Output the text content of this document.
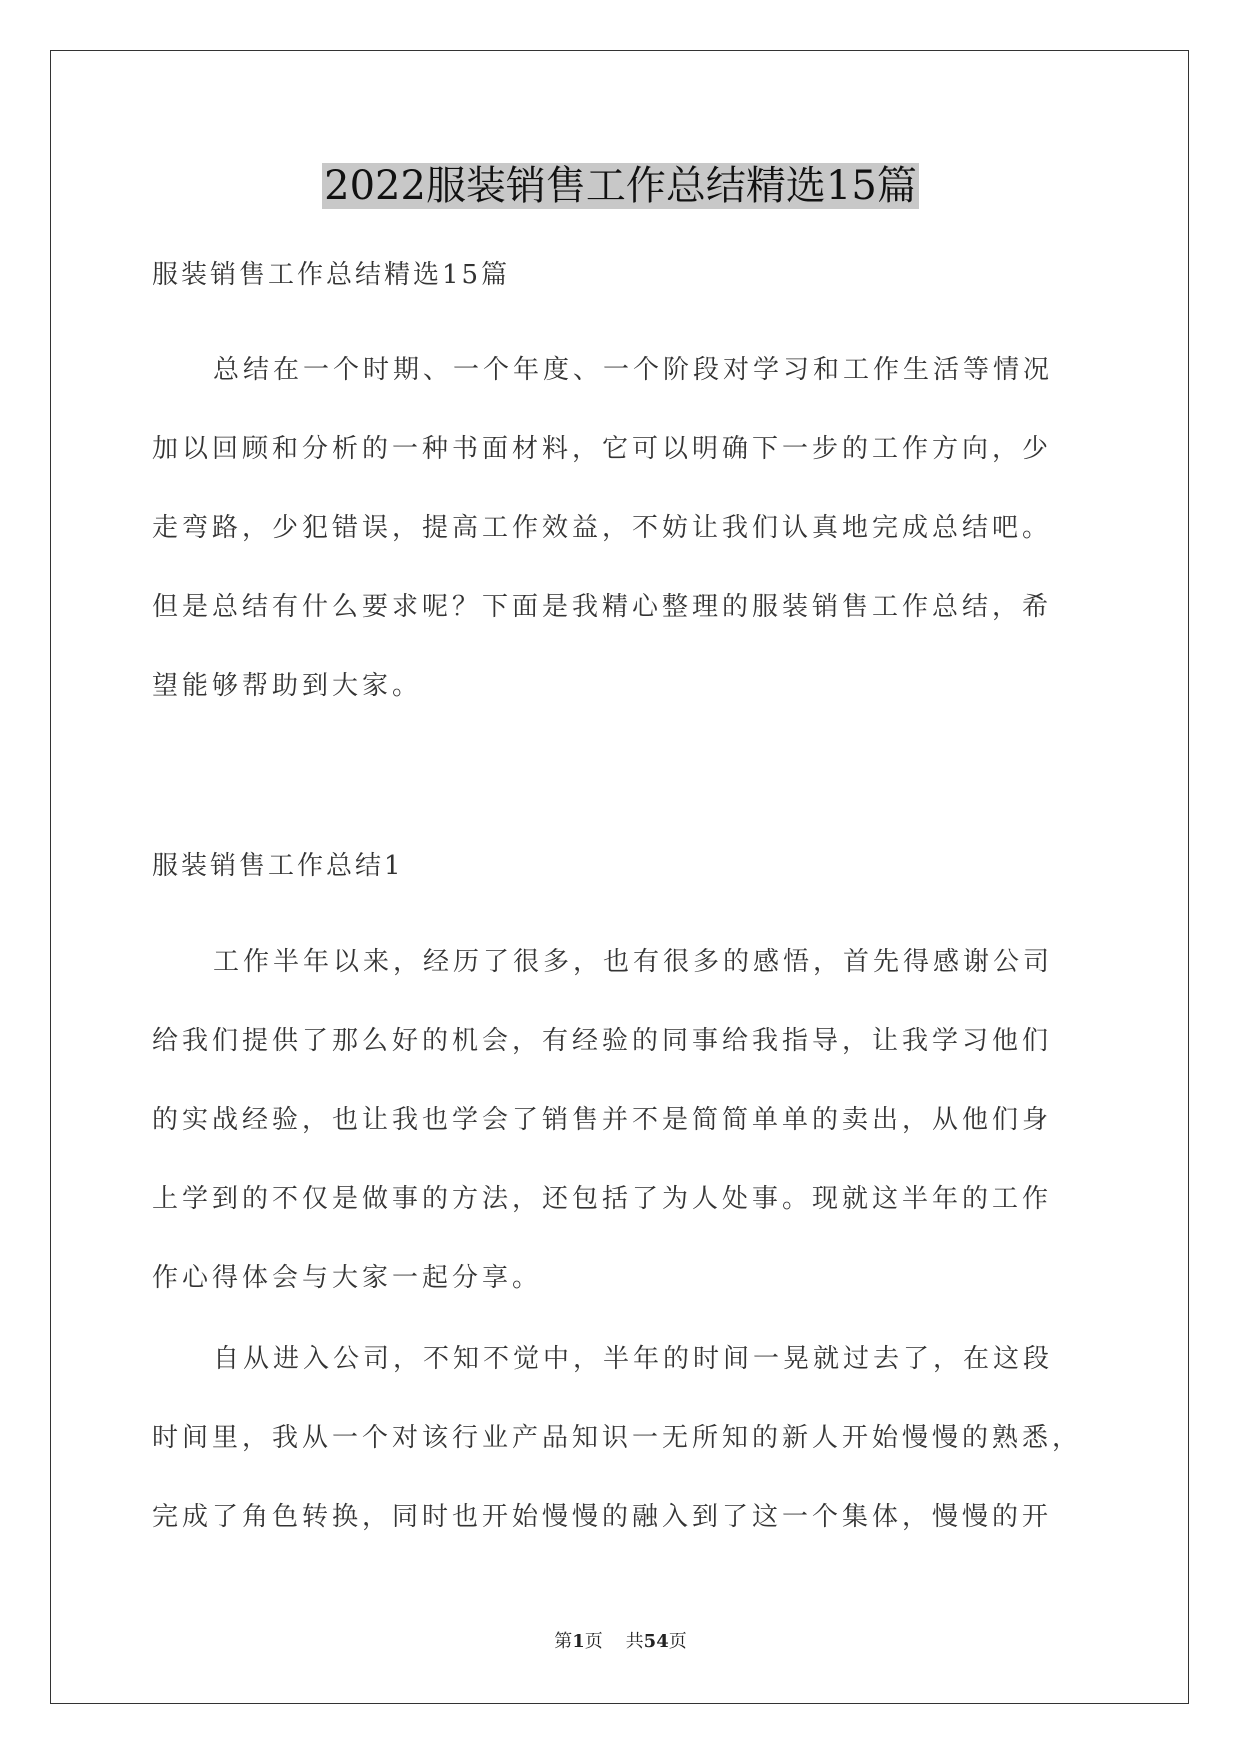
2022服装销售工作总结精选15篇
服装销售工作总结精选15篇
总结在一个时期、一个年度、一个阶段对学习和工作生活等情况
加以回顾和分析的一种书面材料，它可以明确下一步的工作方向，少
走弯路，少犯错误，提高工作效益，不妨让我们认真地完成总结吧。
但是总结有什么要求呢？下面是我精心整理的服装销售工作总结，希
望能够帮助到大家。
服装销售工作总结1
工作半年以来，经历了很多，也有很多的感悟，首先得感谢公司
给我们提供了那么好的机会，有经验的同事给我指导，让我学习他们
的实战经验，也让我也学会了销售并不是简简单单的卖出，从他们身
上学到的不仅是做事的方法，还包括了为人处事。现就这半年的工作
作心得体会与大家一起分享。
自从进入公司，不知不觉中，半年的时间一晃就过去了，在这段
时间里，我从一个对该行业产品知识一无所知的新人开始慢慢的熟悉，
完成了角色转换，同时也开始慢慢的融入到了这一个集体，慢慢的开
第1页 共54页
